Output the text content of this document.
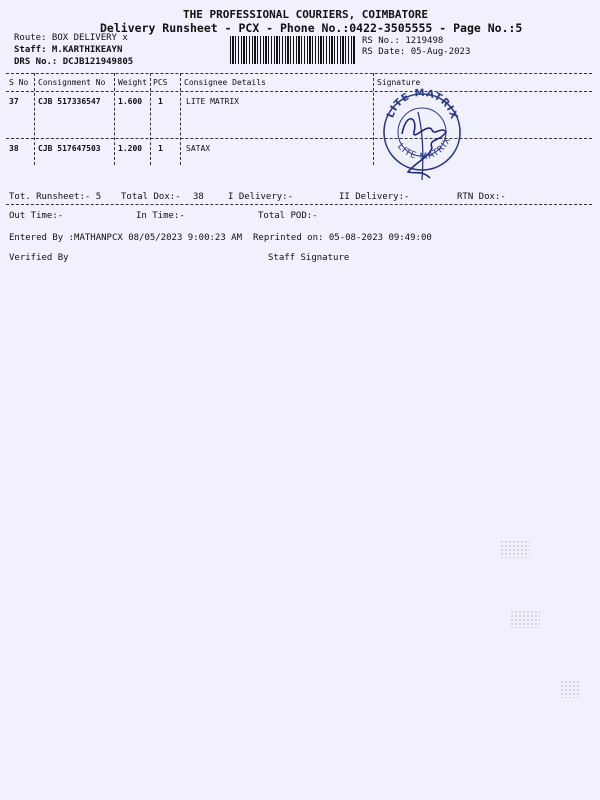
THE PROFESSIONAL COURIERS, COIMBATORE
Delivery Runsheet - PCX - Phone No.:0422-3505555 - Page No.:5
Route: BOX DELIVERY x
Staff: M.KARTHIKEAYN
DRS No.: DCJB121949805
RS No.: 1219498
RS Date: 05-Aug-2023
S No Consignment No Weight PCS Consignee Details	Signature
37 CJB 517336547 1.600 1	LITE MATRIX
38 CJB 517647503 1.200 1	SATAX
LITE MATRIX
LITE MATRIX
Tot. Runsheet:- 5 Total Dox:- 38	I Delivery:-	II Delivery:-	RTN Dox:-
Out Time:-	In Time:-	Total POD:-
Entered By :MATHANPCX 08/05/2023 9:00:23 AM Reprinted on: 05-08-2023 09:49:00
Verified By	Staff Signature
